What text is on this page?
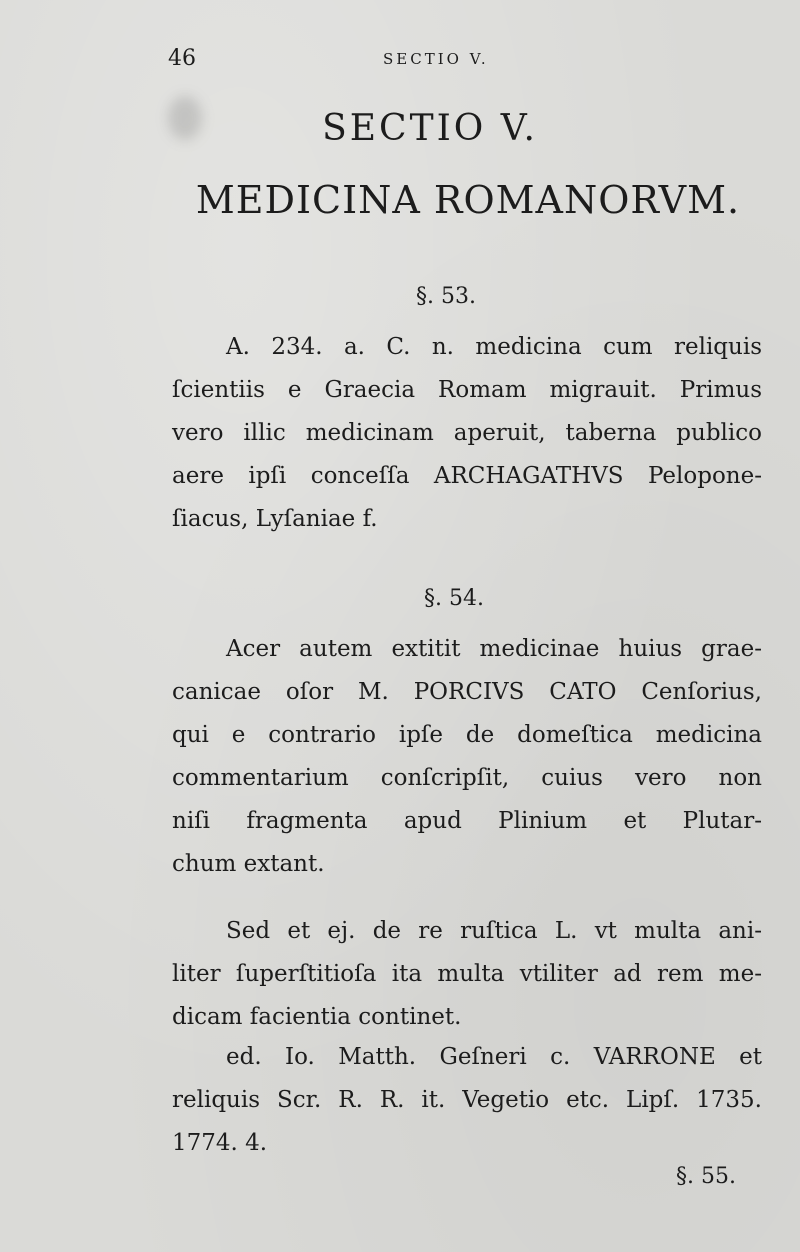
46	SECTIO V.
SECTIO V.
MEDICINA ROMANORVM.
§. 53.
A. 234. a. C. n. medicina cum reliquis
ſcientiis e Graecia Romam migrauit. Primus
vero illic medicinam aperuit, taberna publico
aere ipſi conceſſa ARCHAGATHVS Pelopone-
ſiacus, Lyſaniae f.
§. 54.
Acer autem extitit medicinae huius grae-
canicae oſor M. PORCIVS CATO Cenſorius,
qui e contrario ipſe de domeſtica medicina
commentarium conſcripſit, cuius vero non
niſi fragmenta apud Plinium et Plutar-
chum extant.
Sed et ej. de re ruſtica L. vt multa ani-
liter ſuperſtitioſa ita multa vtiliter ad rem me-
dicam facientia continet.
ed. Io. Matth. Geſneri c. VARRONE et
reliquis Scr. R. R. it. Vegetio etc. Lipſ. 1735.
1774. 4.
§. 55.
